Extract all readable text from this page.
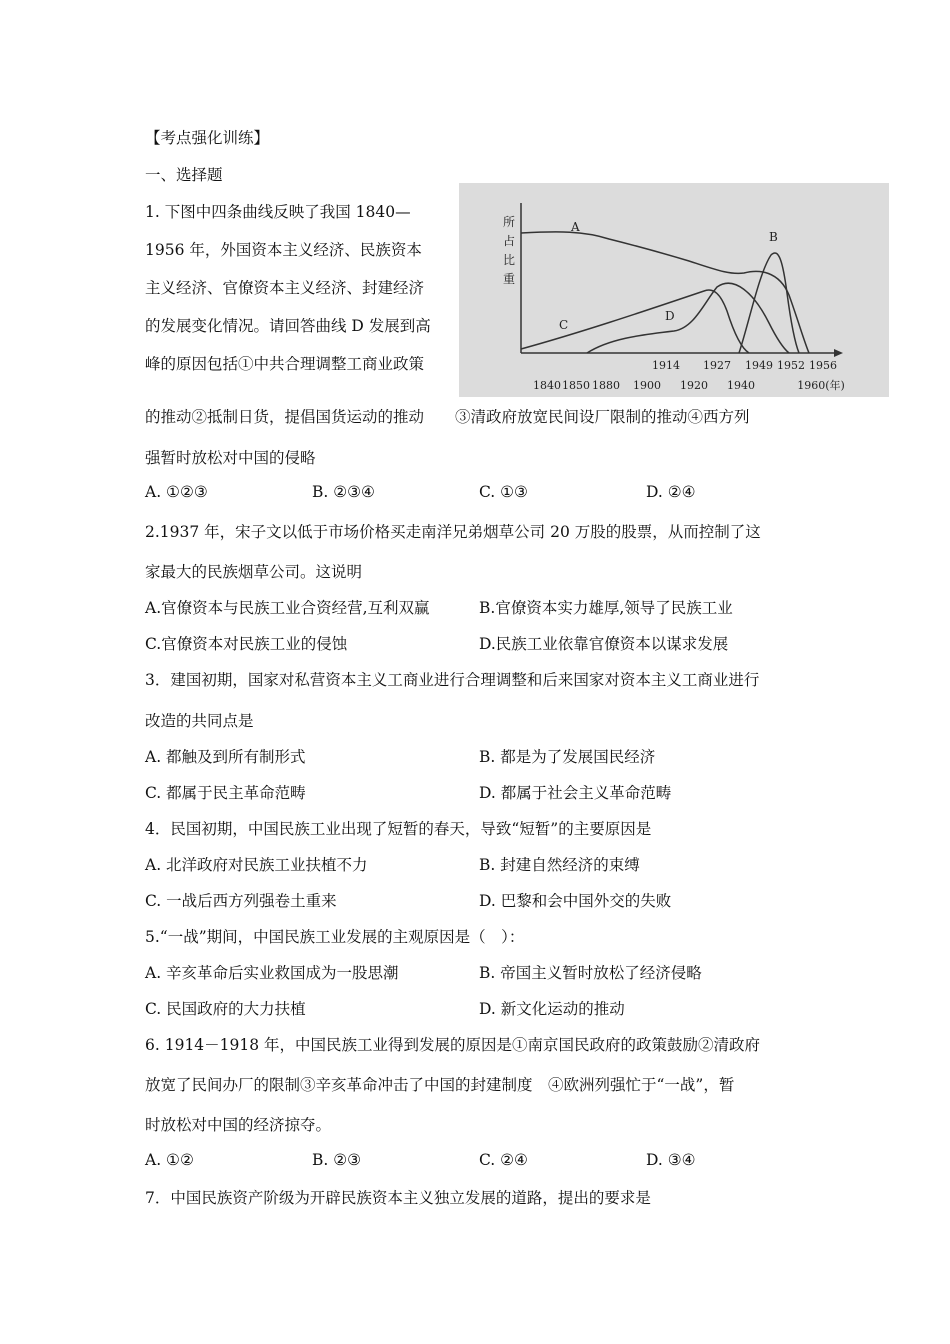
【考点强化训练】
一、选择题
1. 下图中四条曲线反映了我国 1840—
1956 年，外国资本主义经济、民族资本
主义经济、官僚资本主义经济、封建经济
的发展变化情况。请回答曲线 D 发展到高
峰的原因包括①中共合理调整工商业政策
的推动②抵制日货，提倡国货运动的推动　　③清政府放宽民间设厂限制的推动④西方列
强暂时放松对中国的侵略
A. ①②③	B. ②③④	C. ①③	D. ②④
所
占
比
重
A
B
C
D
1914 1927 1949 1952 1956
1840 1850 1880 1900 1920 1940	1960(年)
2.1937 年，宋子文以低于市场价格买走南洋兄弟烟草公司 20 万股的股票，从而控制了这
家最大的民族烟草公司。这说明
A.官僚资本与民族工业合资经营,互利双赢	B.官僚资本实力雄厚,领导了民族工业
C.官僚资本对民族工业的侵蚀	D.民族工业依靠官僚资本以谋求发展
3．建国初期，国家对私营资本主义工商业进行合理调整和后来国家对资本主义工商业进行
改造的共同点是
A. 都触及到所有制形式	B. 都是为了发展国民经济
C. 都属于民主革命范畴	D. 都属于社会主义革命范畴
4．民国初期，中国民族工业出现了短暂的春天，导致“短暂”的主要原因是
A. 北洋政府对民族工业扶植不力	B. 封建自然经济的束缚
C. 一战后西方列强卷土重来	D. 巴黎和会中国外交的失败
5.“一战”期间，中国民族工业发展的主观原因是（　）：
A. 辛亥革命后实业救国成为一股思潮	B. 帝国主义暂时放松了经济侵略
C. 民国政府的大力扶植	D. 新文化运动的推动
6. 1914－1918 年，中国民族工业得到发展的原因是①南京国民政府的政策鼓励②清政府
放宽了民间办厂的限制③辛亥革命冲击了中国的封建制度　④欧洲列强忙于“一战”，暂
时放松对中国的经济掠夺。
A. ①②	B. ②③	C. ②④	D. ③④
7．中国民族资产阶级为开辟民族资本主义独立发展的道路，提出的要求是
